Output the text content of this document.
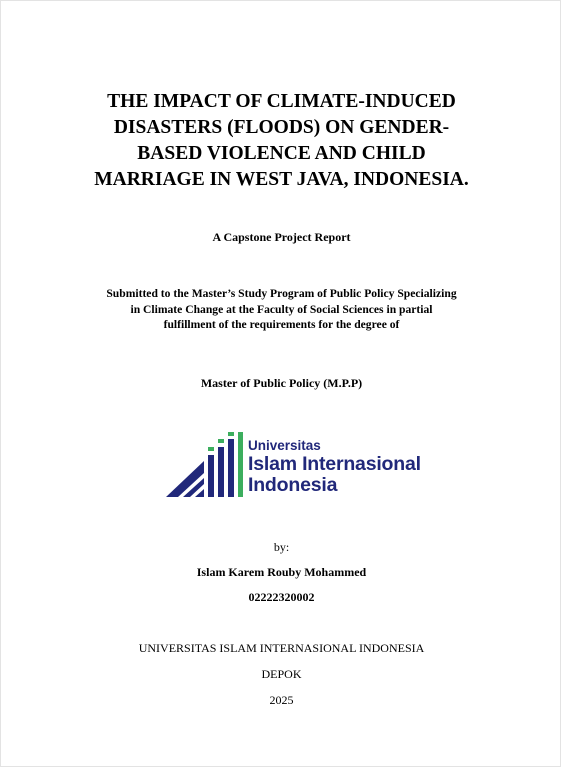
THE IMPACT OF CLIMATE-INDUCED
DISASTERS (FLOODS) ON GENDER-
BASED VIOLENCE AND CHILD
MARRIAGE IN WEST JAVA, INDONESIA.
A Capstone Project Report
Submitted to the Master’s Study Program of Public Policy Specializing
in Climate Change at the Faculty of Social Sciences in partial
fulfillment of the requirements for the degree of
Master of Public Policy (M.P.P)
Universitas
Islam Internasional
Indonesia
by:
Islam Karem Rouby Mohammed
02222320002
UNIVERSITAS ISLAM INTERNASIONAL INDONESIA
DEPOK
2025
